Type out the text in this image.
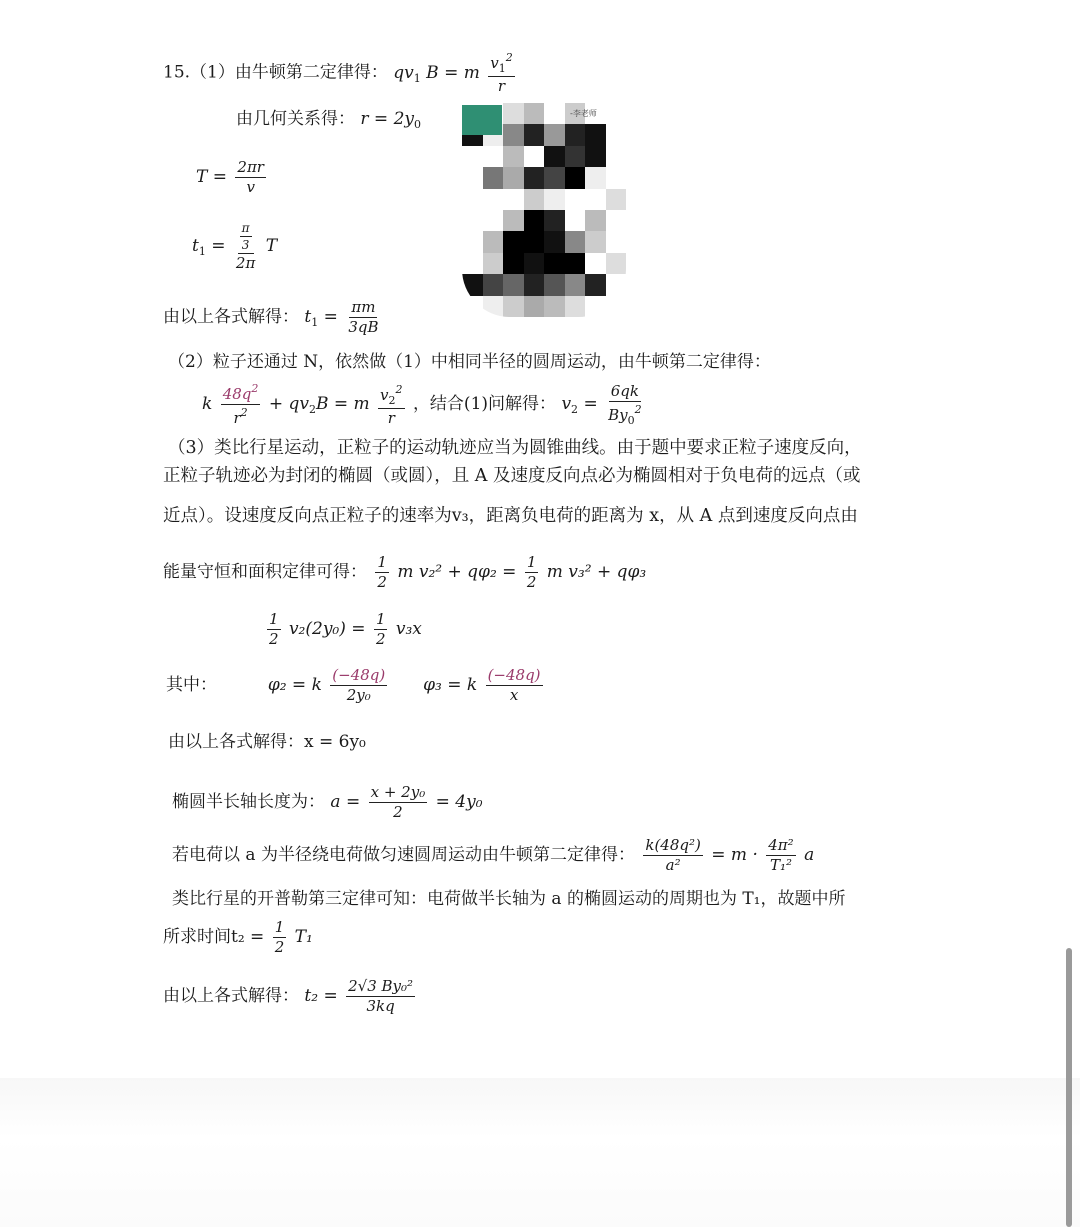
15.（1）由牛顿第二定律得： $qv_1$ B = m $\frac{v_1^2}{r}$
由几何关系得： $r = 2y_0$
$T = \frac{2\pi r}{v}$
$t_1 = \frac{\frac{\pi}{3}}{2\pi}$ T
由以上各式解得： $t_1 = \frac{\pi m}{3qB}$
-李老师
（2）粒子还通过 N，依然做（1）中相同半径的圆周运动，由牛顿第二定律得：
k $\frac{48q^2}{r^2} + qv_2B = m \frac{v_2^2}{r}$ ，结合(1)问解得： $v_2 = \frac{6qk}{By_0^2}$
（3）类比行星运动，正粒子的运动轨迹应当为圆锥曲线。由于题中要求正粒子速度反向，
正粒子轨迹必为封闭的椭圆（或圆），且 A 及速度反向点必为椭圆相对于负电荷的远点（或
近点）。设速度反向点正粒子的速率为v₃，距离负电荷的距离为 x，从 A 点到速度反向点由
能量守恒和面积定律可得： $\frac{1}{2}$ m $v_2^2 + q\varphi_2 = \frac{1}{2}$ m v₃² + qφ₃
$\frac{1}{2} v_2(2y_0) = \frac{1}{2} v_3x$
其中：	φ₂ = k $\frac{(-48q)}{\text{2y₀}} \varphi_3 = k \frac{(-48q)}{x}$
由以上各式解得：x = 6y₀
椭圆半长轴长度为： $a = \frac{\text{x + 2y₀}}{2} = 4y_0$
若电荷以 a 为半径绕电荷做匀速圆周运动由牛顿第二定律得： $\frac{\text{k(48q²)}}{\text{a²}} = m \cdot \frac{\text{4π²}}{\text{T₁²}}$ a
类比行星的开普勒第三定律可知：电荷做半长轴为 a 的椭圆运动的周期也为 T₁，故题中所
所求时间$t_2 = \frac{1}{2} T_1$
由以上各式解得： $t_2 = \frac{\text{2√3 By₀²}}{3kq}$
